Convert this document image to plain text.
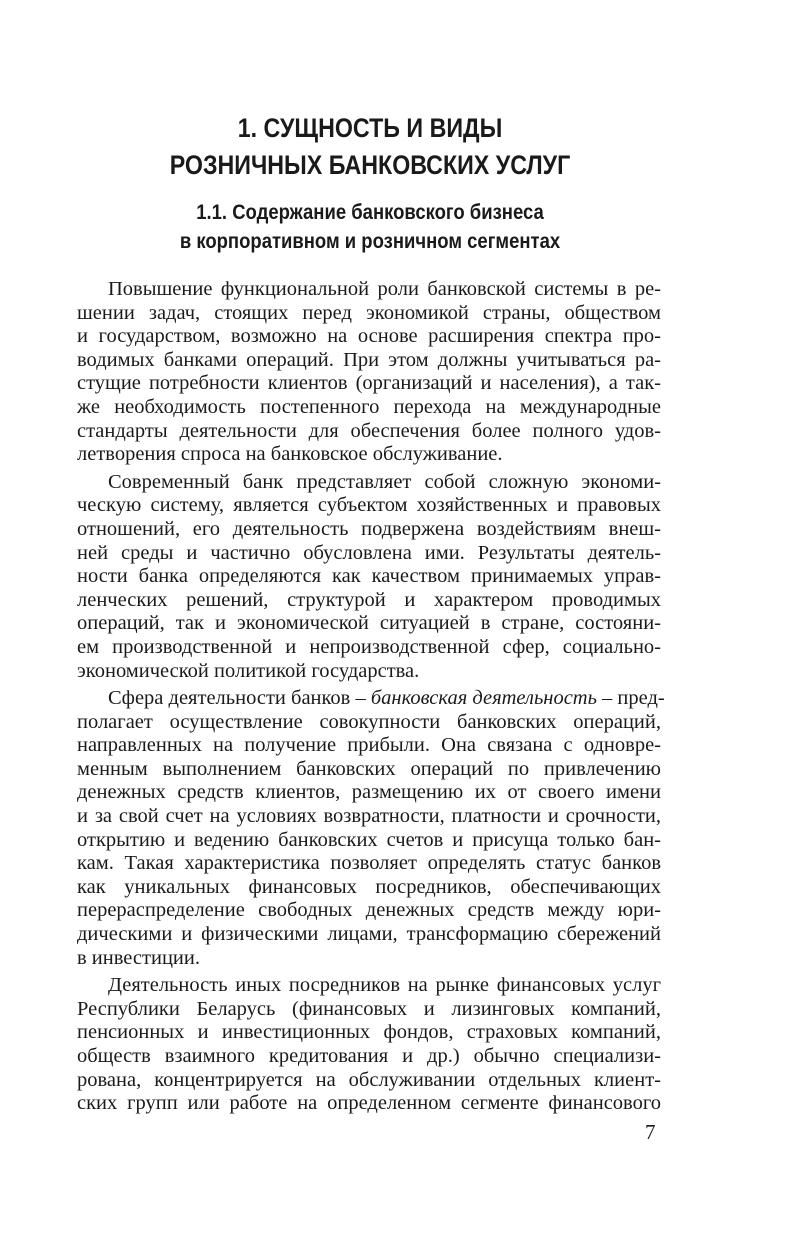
1. СУЩНОСТЬ И ВИДЫ
РОЗНИЧНЫХ БАНКОВСКИХ УСЛУГ
1.1. Содержание банковского бизнеса
в корпоративном и розничном сегментах
Повышение функциональной роли банковской системы в ре-
шении задач, стоящих перед экономикой страны, обществом
и государством, возможно на основе расширения спектра про-
водимых банками операций. При этом должны учитываться ра-
стущие потребности клиентов (организаций и населения), а так-
же необходимость постепенного перехода на международные
стандарты деятельности для обеспечения более полного удов-
летворения спроса на банковское обслуживание.
Современный банк представляет собой сложную экономи-
ческую систему, является субъектом хозяйственных и правовых
отношений, его деятельность подвержена воздействиям внеш-
ней среды и частично обусловлена ими. Результаты деятель-
ности банка определяются как качеством принимаемых управ-
ленческих решений, структурой и характером проводимых
операций, так и экономической ситуацией в стране, состояни-
ем производственной и непроизводственной сфер, социально-
экономической политикой государства.
Сфера деятельности банков – банковская деятельность – пред-
полагает осуществление совокупности банковских операций,
направленных на получение прибыли. Она связана с одновре-
менным выполнением банковских операций по привлечению
денежных средств клиентов, размещению их от своего имени
и за свой счет на условиях возвратности, платности и срочности,
открытию и ведению банковских счетов и присуща только бан-
кам. Такая характеристика позволяет определять статус банков
как уникальных финансовых посредников, обеспечивающих
перераспределение свободных денежных средств между юри-
дическими и физическими лицами, трансформацию сбережений
в инвестиции.
Деятельность иных посредников на рынке финансовых услуг
Республики Беларусь (финансовых и лизинговых компаний,
пенсионных и инвестиционных фондов, страховых компаний,
обществ взаимного кредитования и др.) обычно специализи-
рована, концентрируется на обслуживании отдельных клиент-
ских групп или работе на определенном сегменте финансового
7
